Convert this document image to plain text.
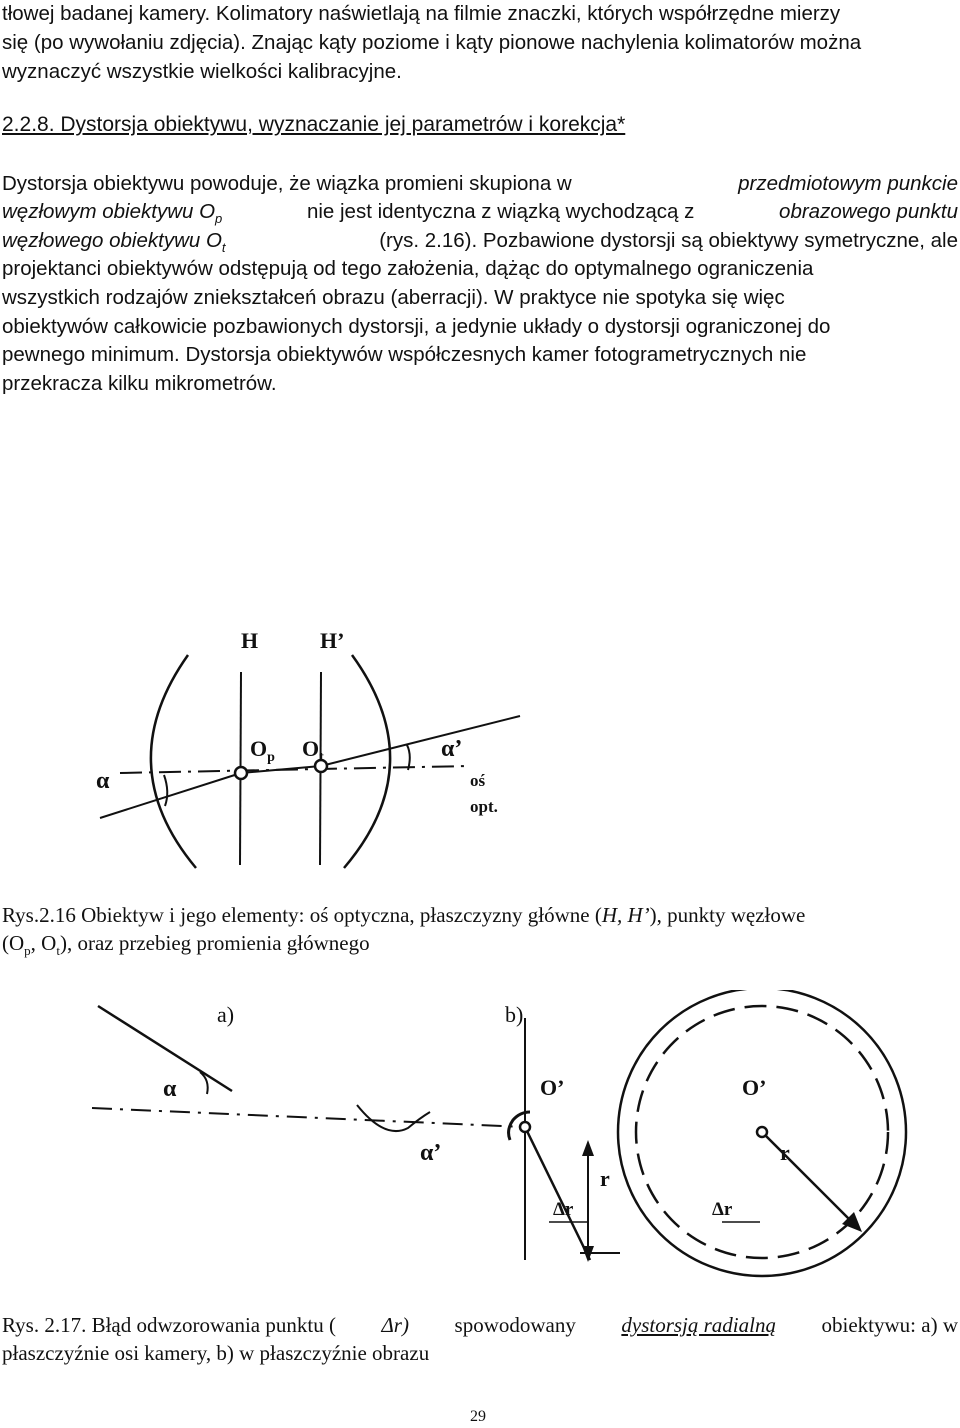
tłowej badanej kamery. Kolimatory naświetlają na filmie znaczki, których współrzędne mierzy
się (po wywołaniu zdjęcia). Znając kąty poziome i kąty pionowe nachylenia kolimatorów można
wyznaczyć wszystkie wielkości kalibracyjne.
2.2.8. Dystorsja obiektywu, wyznaczanie jej parametrów i korekcja*
Dystorsja obiektywu powoduje, że wiązka promieni skupiona w	przedmiotowym punkcie
węzłowym obiektywu $O_p$	nie jest identyczna z wiązką wychodzącą z	obrazowego punktu
węzłowego obiektywu $O_t$	(rys. 2.16). Pozbawione dystorsji są obiektywy symetryczne, ale
projektanci obiektywów odstępują od tego założenia, dążąc do optymalnego ograniczenia
wszystkich rodzajów zniekształceń obrazu (aberracji). W praktyce nie spotyka się więc
obiektywów całkowicie pozbawionych dystorsji, a jedynie układy o dystorsji ograniczonej do
pewnego minimum. Dystorsja obiektywów współczesnych kamer fotogrametrycznych nie
przekracza kilku mikrometrów.
H	H’
$O_p$ $O_t$
α
α’
oś
opt.
Rys.2.16 Obiektyw i jego elementy: oś optyczna, płaszczyzny główne (H, H’), punkty węzłowe
($O_p$, $O_t$), oraz przebieg promienia głównego
a)	b)
α
α’
O’
r
Δr
O’
r
Δr
Rys. 2.17. Błąd odwzorowania punktu ( Δr) spowodowany dystorsją radialną obiektywu: a) w
płaszczyźnie osi kamery, b) w płaszczyźnie obrazu
29
